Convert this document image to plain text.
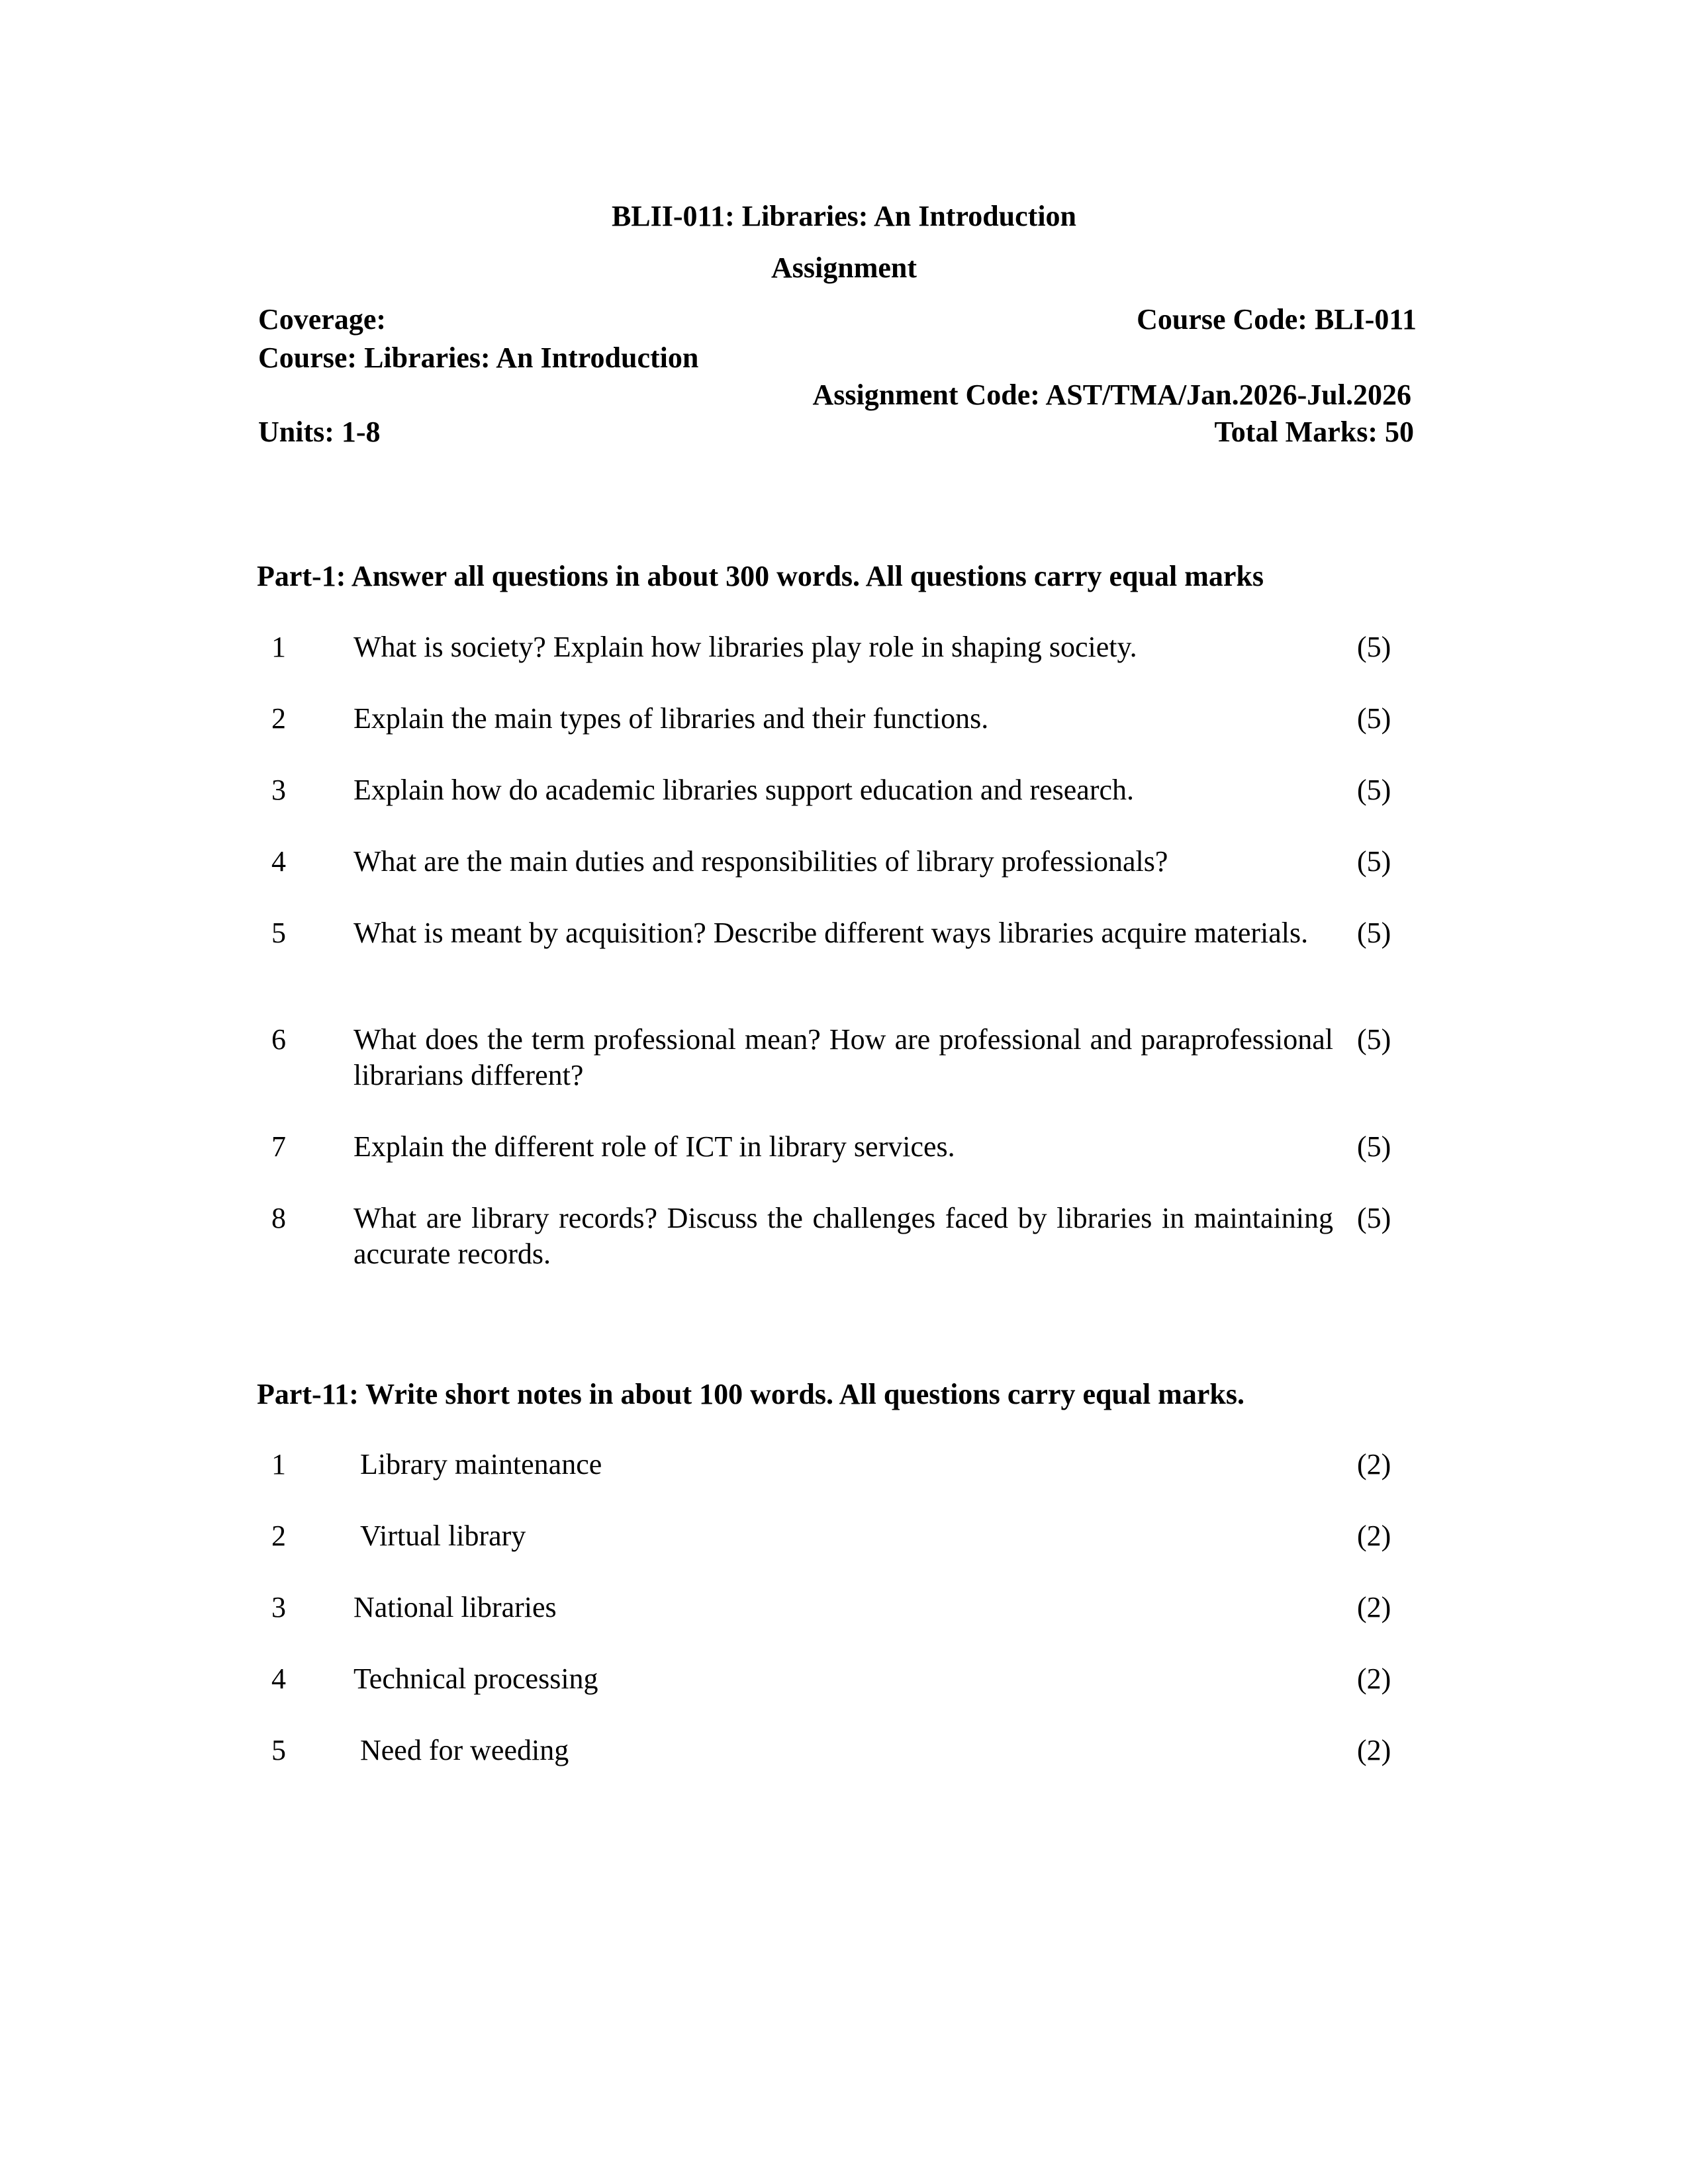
BLII-011: Libraries: An Introduction
Assignment
Coverage:	Course Code: BLI-011
Course: Libraries: An Introduction
Assignment Code: AST/TMA/Jan.2026-Jul.2026
Units: 1-8	Total Marks: 50
Part-1: Answer all questions in about 300 words. All questions carry equal marks
1 What is society? Explain how libraries play role in shaping society.	(5)
2 Explain the main types of libraries and their functions.	(5)
3 Explain how do academic libraries support education and research.	(5)
4 What are the main duties and responsibilities of library professionals?	(5)
5 What is meant by acquisition? Describe different ways libraries acquire materials.	(5)
6 What does the term professional mean? How are professional and paraprofessional librarians different?
(5)
7 Explain the different role of ICT in library services.	(5)
8 What are library records? Discuss the challenges faced by libraries in maintaining accurate records.
(5)
Part-11: Write short notes in about 100 words. All questions carry equal marks.
1	Library maintenance	(2)
2	Virtual library	(2)
3 National libraries	(2)
4 Technical processing	(2)
5	Need for weeding	(2)
